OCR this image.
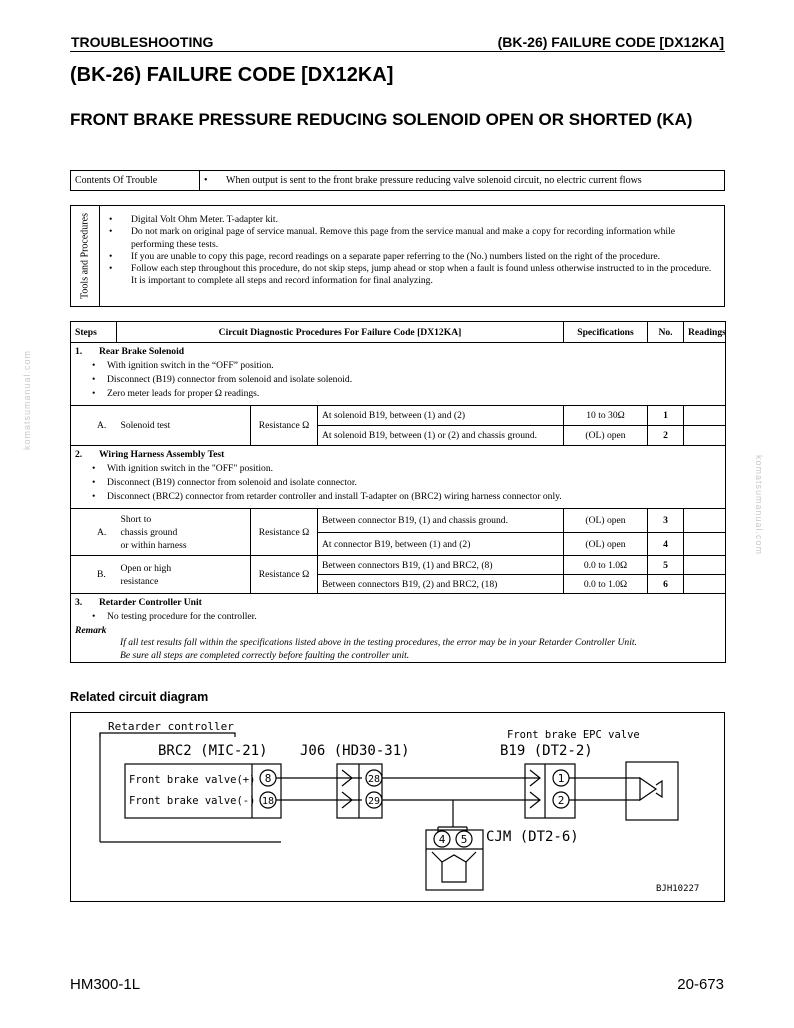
TROUBLESHOOTING	(BK-26) FAILURE CODE [DX12KA]
(BK-26) FAILURE CODE [DX12KA]
FRONT BRAKE PRESSURE REDUCING SOLENOID OPEN OR SHORTED (KA)
Contents Of Trouble	• When output is sent to the front brake pressure reducing valve solenoid circuit, no electric current flows
Tools and Procedures	• Digital Volt Ohm Meter. T-adapter kit.
• Do not mark on original page of service manual. Remove this page from the service manual and make a copy for recording information while performing these tests.
• If you are unable to copy this page, record readings on a separate paper referring to the (No.) numbers listed on the right of the procedure.
• Follow each step throughout this procedure, do not skip steps, jump ahead or stop when a fault is found unless otherwise instructed to in the procedure. It is important to complete all steps and record information for final analyzing.
Steps	Circuit Diagnostic Procedures For Failure Code [DX12KA]			Specifications	No.	Readings

1. Rear Brake Solenoid
• With ignition switch in the “OFF” position.
• Disconnect (B19) connector from solenoid and isolate solenoid.
• Zero meter leads for proper Ω readings.

A.	Solenoid test	Resistance Ω	At solenoid B19, between (1) and (2)	10 to 30Ω	1	
			At solenoid B19, between (1) or (2) and chassis ground.	(OL) open	2	

2. Wiring Harness Assembly Test
• With ignition switch in the "OFF" position.
• Disconnect (B19) connector from solenoid and isolate connector.
• Disconnect (BRC2) connector from retarder controller and install T-adapter on (BRC2) wiring harness connector only.

A.	Short to
chassis ground
or within harness	Resistance Ω	Between connector B19, (1) and chassis ground.	(OL) open	3	
			At connector B19, between (1) and (2)	(OL) open	4	
B.	Open or high
resistance	Resistance Ω	Between connectors B19, (1) and BRC2, (8)	0.0 to 1.0Ω	5	
			Between connectors B19, (2) and BRC2, (18)	0.0 to 1.0Ω	6	

3. Retarder Controller Unit
• No testing procedure for the controller.
Remark
If all test results fall within the specifications listed above in the testing procedures, the error may be in your Retarder Controller Unit.
Be sure all steps are completed correctly before faulting the controller unit.
Related circuit diagram
Retarder controller
BRC2 (MIC-21) J06 (HD30-31)	B19 (DT2-2)
Front brake EPC valve
Front brake valve(+)
Front brake valve(-)
8
18
28
29
4 5 CJM (DT2-6)
1
2
BJH10227
HM300-1L	20-673
komatsumanual.com
komatsumanual.com
